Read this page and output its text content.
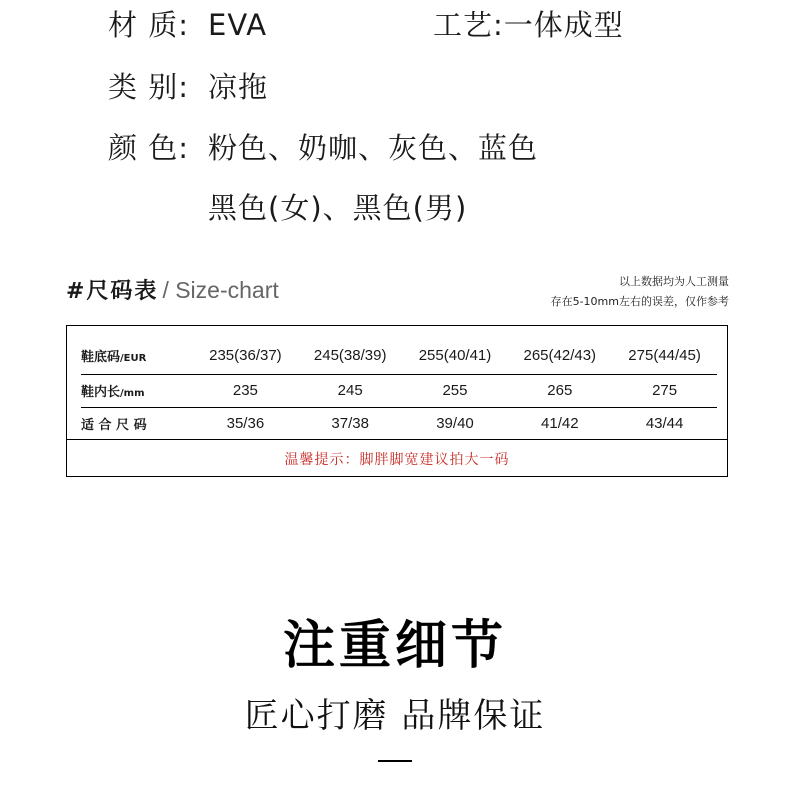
材 质: EVA	工艺:一体成型
类 别: 凉拖
颜 色: 粉色、奶咖、灰色、蓝色
黑色(女)、黑色(男)
#尺码表 / Size-chart	以上数据均为人工测量
存在5-10mm左右的误差，仅作参考
鞋底码/EUR	235(36/37)	245(38/39)	255(40/41)	265(42/43)	275(44/45)
鞋内长/mm	235	245	255	265	275
适 合 尺 码	35/36	37/38	39/40	41/42	43/44
温馨提示：脚胖脚宽建议拍大一码
注重细节
匠心打磨 品牌保证
